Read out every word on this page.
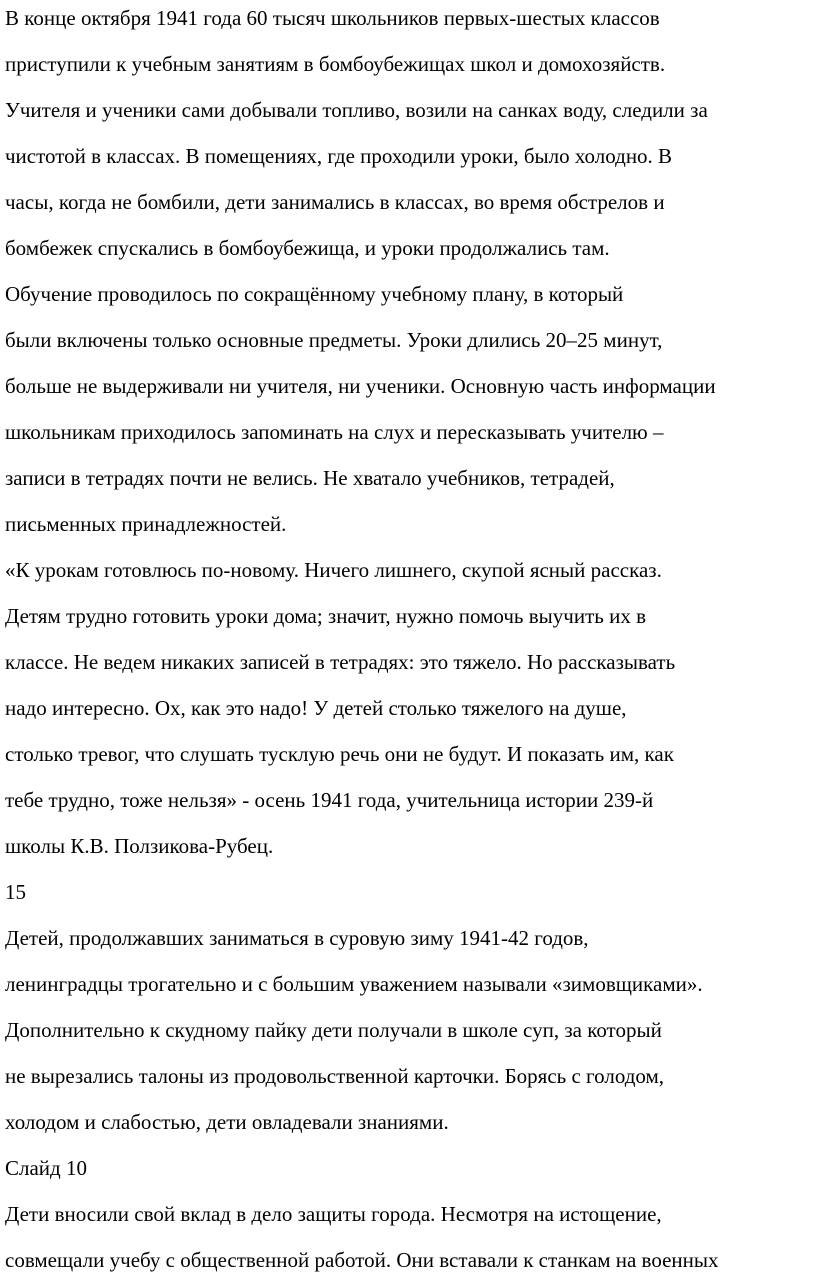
В конце октября 1941 года 60 тысяч школьников первых-шестых классов

приступили к учебным занятиям в бомбоубежищах школ и домохозяйств.

Учителя и ученики сами добывали топливо, возили на санках воду, следили за

чистотой в классах. В помещениях, где проходили уроки, было холодно. В

часы, когда не бомбили, дети занимались в классах, во время обстрелов и

бомбежек спускались в бомбоубежища, и уроки продолжались там.

Обучение проводилось по сокращённому учебному плану, в который

были включены только основные предметы. Уроки длились 20–25 минут,

больше не выдерживали ни учителя, ни ученики. Основную часть информации

школьникам приходилось запоминать на слух и пересказывать учителю –

записи в тетрадях почти не велись. Не хватало учебников, тетрадей,

письменных принадлежностей.

«К урокам готовлюсь по-новому. Ничего лишнего, скупой ясный рассказ.

Детям трудно готовить уроки дома; значит, нужно помочь выучить их в

классе. Не ведем никаких записей в тетрадях: это тяжело. Но рассказывать

надо интересно. Ох, как это надо! У детей столько тяжелого на душе,

столько тревог, что слушать тусклую речь они не будут. И показать им, как

тебе трудно, тоже нельзя» - осень 1941 года, учительница истории 239-й

школы К.В. Ползикова-Рубец.

15

Детей, продолжавших заниматься в суровую зиму 1941-42 годов,

ленинградцы трогательно и с большим уважением называли «зимовщиками».

Дополнительно к скудному пайку дети получали в школе суп, за который

не вырезались талоны из продовольственной карточки. Борясь с голодом,

холодом и слабостью, дети овладевали знаниями.

Слайд 10

Дети вносили свой вклад в дело защиты города. Несмотря на истощение,

совмещали учебу с общественной работой. Они вставали к станкам на военных
